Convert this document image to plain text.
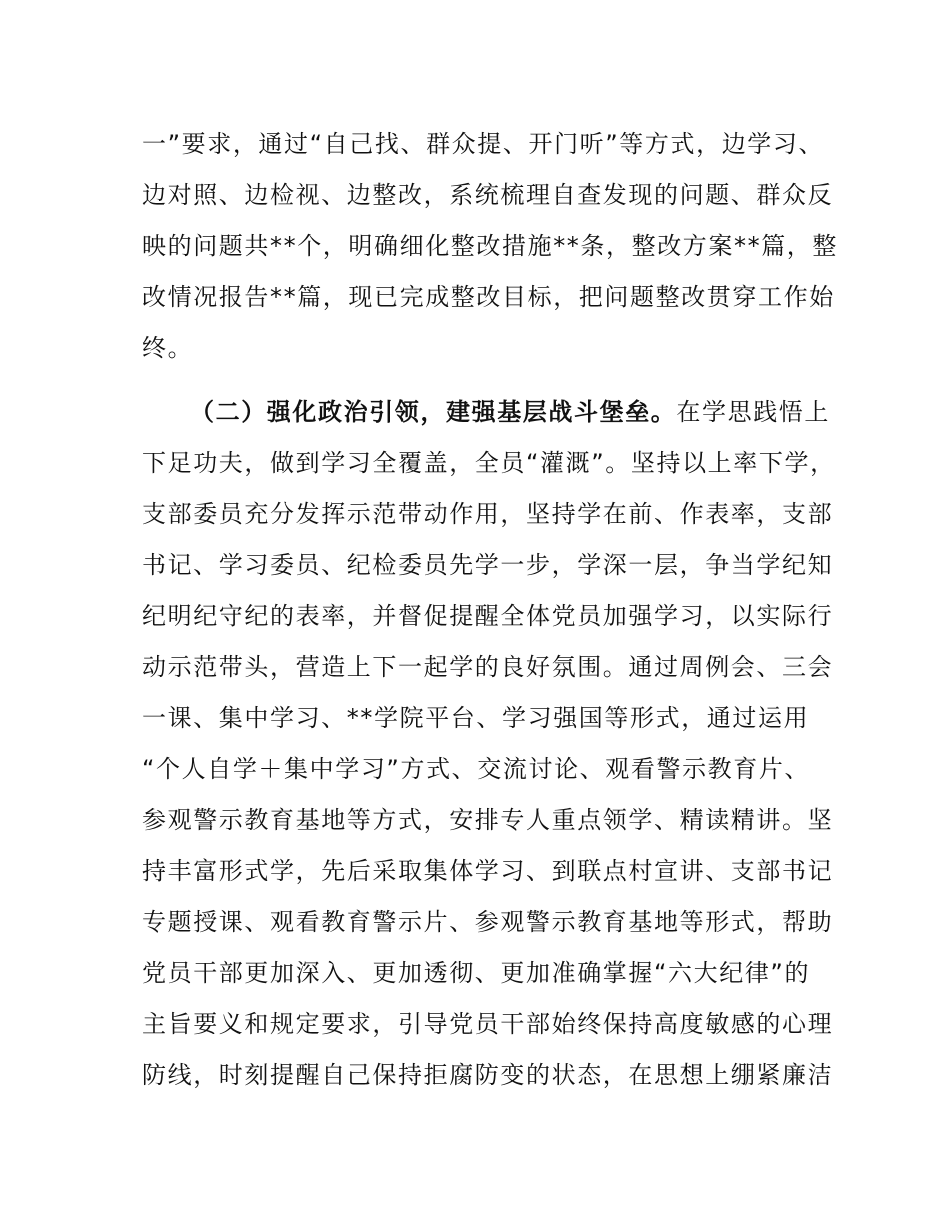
一”要求，通过“自己找、群众提、开门听”等方式，边学习、
边对照、边检视、边整改，系统梳理自查发现的问题、群众反
映的问题共**个，明确细化整改措施**条，整改方案**篇，整
改情况报告**篇，现已完成整改目标，把问题整改贯穿工作始
终。
（二）强化政治引领，建强基层战斗堡垒。在学思践悟上
下足功夫，做到学习全覆盖，全员“灌溉”。坚持以上率下学，
支部委员充分发挥示范带动作用，坚持学在前、作表率，支部
书记、学习委员、纪检委员先学一步，学深一层，争当学纪知
纪明纪守纪的表率，并督促提醒全体党员加强学习，以实际行
动示范带头，营造上下一起学的良好氛围。通过周例会、三会
一课、集中学习、**学院平台、学习强国等形式，通过运用
“个人自学＋集中学习”方式、交流讨论、观看警示教育片、
参观警示教育基地等方式，安排专人重点领学、精读精讲。坚
持丰富形式学，先后采取集体学习、到联点村宣讲、支部书记
专题授课、观看教育警示片、参观警示教育基地等形式，帮助
党员干部更加深入、更加透彻、更加准确掌握“六大纪律”的
主旨要义和规定要求，引导党员干部始终保持高度敏感的心理
防线，时刻提醒自己保持拒腐防变的状态，在思想上绷紧廉洁
